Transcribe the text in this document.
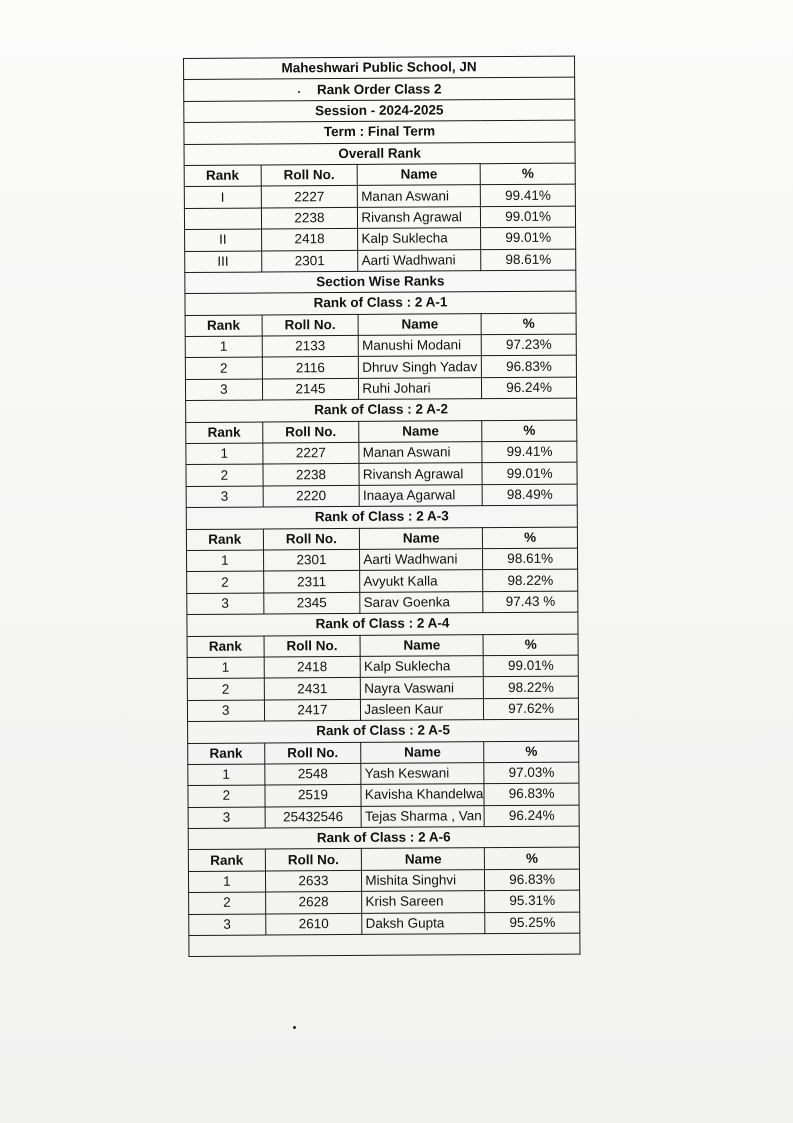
Maheshwari Public School, JN			
Rank Order Class 2			
Session - 2024-2025			
Term : Final Term			
Overall Rank			
Rank	Roll No.	Name	%
I	2227	Manan Aswani	99.41%
	2238	Rivansh Agrawal	99.01%
II	2418	Kalp Suklecha	99.01%
III	2301	Aarti Wadhwani	98.61%
Section Wise Ranks			
Rank of Class : 2 A-1			
Rank	Roll No.	Name	%
1	2133	Manushi Modani	97.23%
2	2116	Dhruv Singh Yadav	96.83%
3	2145	Ruhi Johari	96.24%
Rank of Class : 2 A-2			
Rank	Roll No.	Name	%
1	2227	Manan Aswani	99.41%
2	2238	Rivansh Agrawal	99.01%
3	2220	Inaaya Agarwal	98.49%
Rank of Class : 2 A-3			
Rank	Roll No.	Name	%
1	2301	Aarti Wadhwani	98.61%
2	2311	Avyukt Kalla	98.22%
3	2345	Sarav Goenka	97.43 %
Rank of Class : 2 A-4			
Rank	Roll No.	Name	%
1	2418	Kalp Suklecha	99.01%
2	2431	Nayra Vaswani	98.22%
3	2417	Jasleen Kaur	97.62%
Rank of Class : 2 A-5			
Rank	Roll No.	Name	%
1	2548	Yash Keswani	97.03%
2	2519	Kavisha Khandelwa	96.83%
3	25432546	Tejas Sharma , Van	96.24%
Rank of Class : 2 A-6			
Rank	Roll No.	Name	%
1	2633	Mishita Singhvi	96.83%
2	2628	Krish Sareen	95.31%
3	2610	Daksh Gupta	95.25%
